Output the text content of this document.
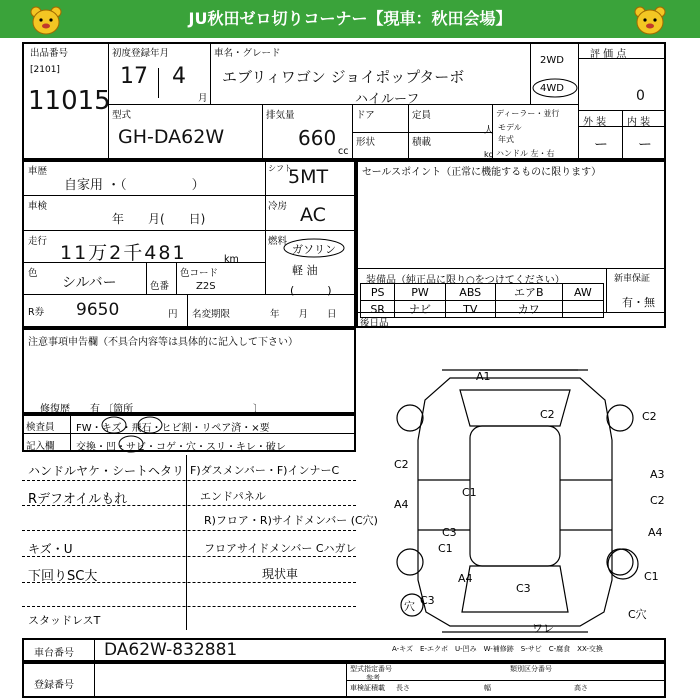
JU秋田ゼロ切りコーナー【現車：秋田会場】
出品番号
[2101]
11015
初度登録年月
17 4
月
車名・グレード
エブリィワゴン ジョイポップターボ
ハイルーフ
2WD
4WD
評 価 点
0
型式
GH-DA62W
排気量
660
cc
ドア	定員
人
形状	積載
kg
ディーラー・並行
モデル
年式
ハンドル 左・右
外 装 内 装
ー ー
車歴
自家用 ・（　　　　　）
シフト
5MT
車検
年　　月(　　日)
冷房 AC
走行
11万2千481	km
燃料
ガソリン
軽 油
(　　　)
色
シルバー	色番
色コード
Z2S
R券 9650	円 名変期限	年　　月　　日
セールスポイント（正常に機能するものに限ります）
装備品（純正品に限り○をつけてください）	新車保証
有・無
PS	PW	ABS	エアB	AW
SR	ナビ	TV	カワ	
後日品
注意事項申告欄（不具合内容等は具体的に記入して下さい）
修復歴　　有 〔箇所　　　　　　　　　　　　〕
検査員
記入欄
FW・キズ・飛石・ヒビ割・リペア済・×要
交換・凹・サビ・コゲ・穴・スリ・キレ・破レ
ハンドルヤケ・シートヘタリ
Rデフオイルもれ
キズ・U
下回りSC大
スタッドレスT
F)ダスメンバー・F)インナーC
エンドパネル
R)フロア・R)サイドメンバー (C穴)
フロアサイドメンバー Cハガレ
現状車
A1
C2	C2
C2
A3
C2
A4
C1
C3
C1
A4
C3
C1
A4
C3
C穴
穴
ワレ
車台番号 DA62W-832881	A-キズ　E-エクボ　U-凹み　W-補修跡　S-サビ　C-腐食　XX-交換
登録番号
型式指定番号	類別区分番号
参考
車検証積載 長さ	幅	高さ
